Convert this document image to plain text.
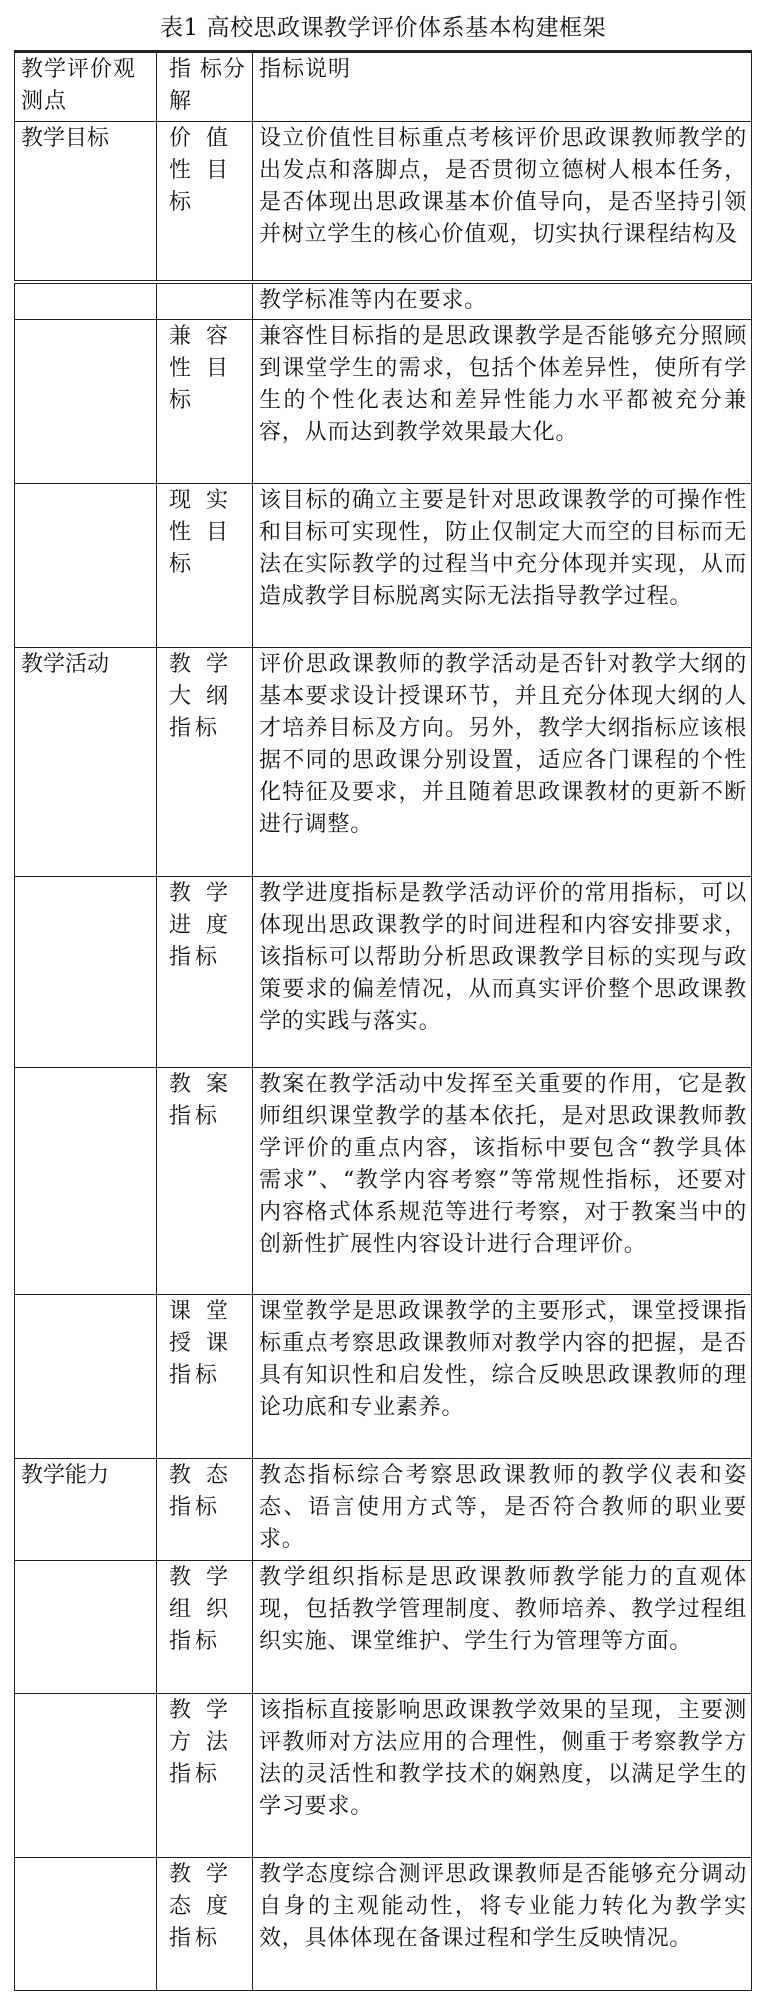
表1 高校思政课教学评价体系基本构建框架
教学评价观测点	指 标分解	指标说明
教学目标	价 值性 目标	设立价值性目标重点考核评价思政课教师教学的出发点和落脚点，是否贯彻立德树人根本任务，是否体现出思政课基本价值导向，是否坚持引领并树立学生的核心价值观，切实执行课程结构及
		教学标准等内在要求。
	兼 容性 目标	兼容性目标指的是思政课教学是否能够充分照顾到课堂学生的需求，包括个体差异性，使所有学生的个性化表达和差异性能力水平都被充分兼容，从而达到教学效果最大化。
	现 实性 目标	该目标的确立主要是针对思政课教学的可操作性和目标可实现性，防止仅制定大而空的目标而无法在实际教学的过程当中充分体现并实现，从而造成教学目标脱离实际无法指导教学过程。
教学活动	教 学大 纲指标	评价思政课教师的教学活动是否针对教学大纲的基本要求设计授课环节，并且充分体现大纲的人才培养目标及方向。另外，教学大纲指标应该根据不同的思政课分别设置，适应各门课程的个性化特征及要求，并且随着思政课教材的更新不断进行调整。
	教 学进 度指标	教学进度指标是教学活动评价的常用指标，可以体现出思政课教学的时间进程和内容安排要求，该指标可以帮助分析思政课教学目标的实现与政策要求的偏差情况，从而真实评价整个思政课教学的实践与落实。
	教 案指标	教案在教学活动中发挥至关重要的作用，它是教师组织课堂教学的基本依托，是对思政课教师教学评价的重点内容，该指标中要包含“教学具体需求”、“教学内容考察”等常规性指标，还要对内容格式体系规范等进行考察，对于教案当中的创新性扩展性内容设计进行合理评价。
	课 堂授 课指标	课堂教学是思政课教学的主要形式，课堂授课指标重点考察思政课教师对教学内容的把握，是否具有知识性和启发性，综合反映思政课教师的理论功底和专业素养。
教学能力	教 态指标	教态指标综合考察思政课教师的教学仪表和姿态、语言使用方式等，是否符合教师的职业要求。
	教 学组 织指标	教学组织指标是思政课教师教学能力的直观体现，包括教学管理制度、教师培养、教学过程组织实施、课堂维护、学生行为管理等方面。
	教 学方 法指标	该指标直接影响思政课教学效果的呈现，主要测评教师对方法应用的合理性，侧重于考察教学方法的灵活性和教学技术的娴熟度，以满足学生的学习要求。
	教 学态 度指标	教学态度综合测评思政课教师是否能够充分调动自身的主观能动性，将专业能力转化为教学实效，具体体现在备课过程和学生反映情况。
